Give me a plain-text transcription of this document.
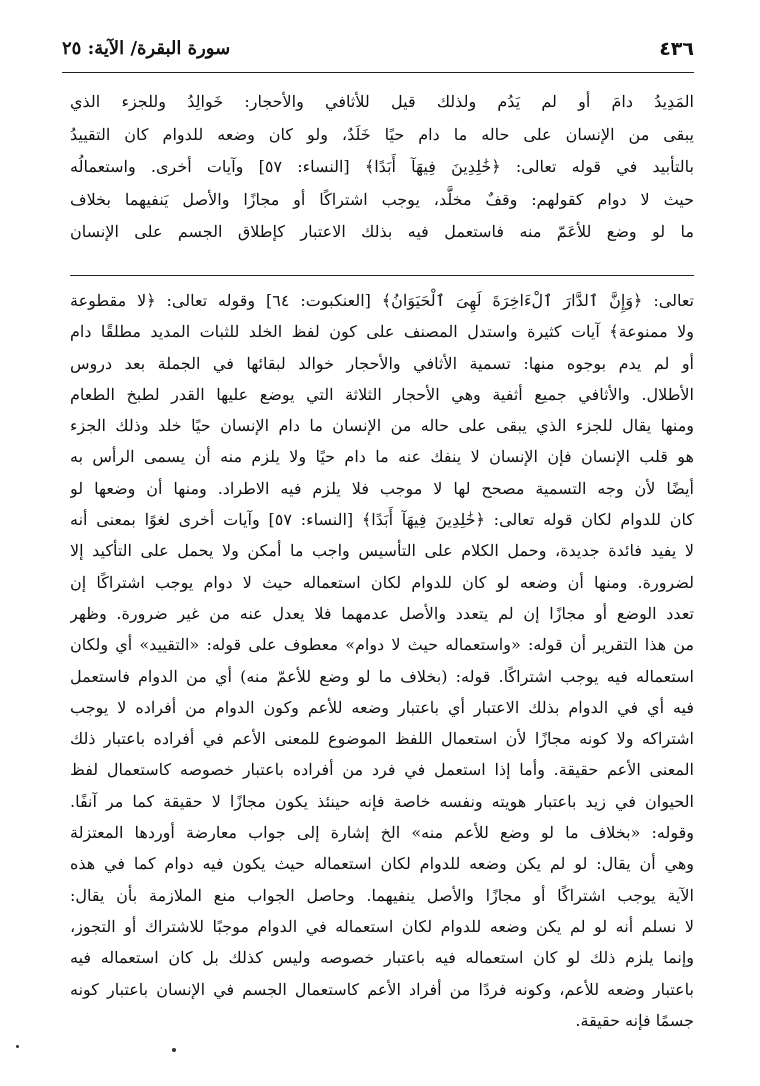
٤٣٦
سورة البقرة/ الآية: ٢٥
المَدِيدُ دامَ أو لم يَدُم ولذلك قيل للأثافي والأحجار: خَوالِدُ وللجزء الذي
يبقى من الإنسان على حاله ما دام حيًا خَلَدٌ، ولو كان وضعه للدوام كان التقييدُ
بالتأبيد في قوله تعالى: ﴿خَٰلِدِينَ فِيهَآ أَبَدًا﴾ [النساء: ٥٧] وآيات أخرى. واستعمالُه
حيث لا دوام كقولهم: وقفٌ مخلَّد، يوجب اشتراكًا أو مجازًا والأصل يَنفيهما بخلاف
ما لو وضع للأعَمّ منه فاستعمل فيه بذلك الاعتبار كإطلاق الجسم على الإنسان
تعالى: ﴿وَإِنَّ ٱلدَّارَ ٱلْءَاخِرَةَ لَهِىَ ٱلْحَيَوَانُ﴾ [العنكبوت: ٦٤] وقوله تعالى: ﴿لا مقطوعة
ولا ممنوعة﴾ آيات كثيرة واستدل المصنف على كون لفظ الخلد للثبات المديد مطلقًا دام
أو لم يدم بوجوه منها: تسمية الأثافي والأحجار خوالد لبقائها في الجملة بعد دروس
الأطلال. والأثافي جميع أثفية وهي الأحجار الثلاثة التي يوضع عليها القدر لطبخ الطعام
ومنها يقال للجزء الذي يبقى على حاله من الإنسان ما دام الإنسان حيًا خلد وذلك الجزء
هو قلب الإنسان فإن الإنسان لا ينفك عنه ما دام حيًا ولا يلزم منه أن يسمى الرأس به
أيضًا لأن وجه التسمية مصحح لها لا موجب فلا يلزم فيه الاطراد. ومنها أن وضعها لو
كان للدوام لكان قوله تعالى: ﴿خَٰلِدِينَ فِيهَآ أَبَدًا﴾ [النساء: ٥٧] وآيات أخرى لغوًا بمعنى أنه
لا يفيد فائدة جديدة، وحمل الكلام على التأسيس واجب ما أمكن ولا يحمل على التأكيد إلا
لضرورة. ومنها أن وضعه لو كان للدوام لكان استعماله حيث لا دوام يوجب اشتراكًا إن
تعدد الوضع أو مجازًا إن لم يتعدد والأصل عدمهما فلا يعدل عنه من غير ضرورة. وظهر
من هذا التقرير أن قوله: «واستعماله حيث لا دوام» معطوف على قوله: «التقييد» أي ولكان
استعماله فيه يوجب اشتراكًا. قوله: (بخلاف ما لو وضع للأعمّ منه) أي من الدوام فاستعمل
فيه أي في الدوام بذلك الاعتبار أي باعتبار وضعه للأعم وكون الدوام من أفراده لا يوجب
اشتراكه ولا كونه مجازًا لأن استعمال اللفظ الموضوع للمعنى الأعم في أفراده باعتبار ذلك
المعنى الأعم حقيقة. وأما إذا استعمل في فرد من أفراده باعتبار خصوصه كاستعمال لفظ
الحيوان في زيد باعتبار هويته ونفسه خاصة فإنه حينئذ يكون مجازًا لا حقيقة كما مر آنفًا.
وقوله: «بخلاف ما لو وضع للأعم منه» الخ إشارة إلى جواب معارضة أوردها المعتزلة
وهي أن يقال: لو لم يكن وضعه للدوام لكان استعماله حيث يكون فيه دوام كما في هذه
الآية يوجب اشتراكًا أو مجازًا والأصل ينفيهما. وحاصل الجواب منع الملازمة بأن يقال:
لا نسلم أنه لو لم يكن وضعه للدوام لكان استعماله في الدوام موجبًا للاشتراك أو التجوز،
وإنما يلزم ذلك لو كان استعماله فيه باعتبار خصوصه وليس كذلك بل كان استعماله فيه
باعتبار وضعه للأعم، وكونه فردًا من أفراد الأعم كاستعمال الجسم في الإنسان باعتبار كونه
جسمًا فإنه حقيقة.
